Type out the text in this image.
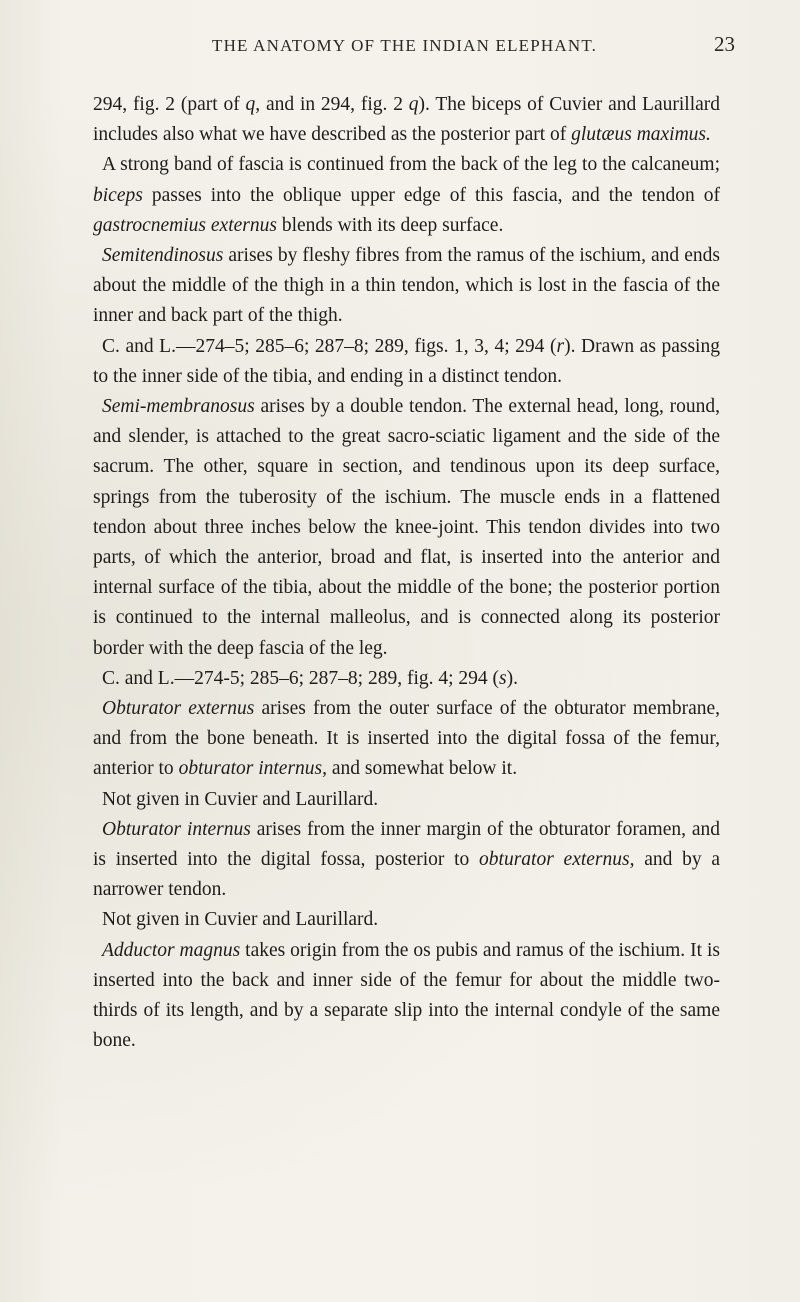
THE ANATOMY OF THE INDIAN ELEPHANT.	23

294, fig. 2 (part of q, and in 294, fig. 2 q). The biceps of Cuvier and Laurillard includes also what we have described as the posterior part of glutæus maximus.

A strong band of fascia is continued from the back of the leg to the calcaneum; biceps passes into the oblique upper edge of this fascia, and the tendon of gastrocnemius externus blends with its deep surface.

Semitendinosus arises by fleshy fibres from the ramus of the ischium, and ends about the middle of the thigh in a thin tendon, which is lost in the fascia of the inner and back part of the thigh.

C. and L.—274–5; 285–6; 287–8; 289, figs. 1, 3, 4; 294 (r). Drawn as passing to the inner side of the tibia, and ending in a distinct tendon.

Semi-membranosus arises by a double tendon. The external head, long, round, and slender, is attached to the great sacro-sciatic ligament and the side of the sacrum. The other, square in section, and tendinous upon its deep surface, springs from the tuberosity of the ischium. The muscle ends in a flattened tendon about three inches below the knee-joint. This tendon divides into two parts, of which the anterior, broad and flat, is inserted into the anterior and internal surface of the tibia, about the middle of the bone; the posterior portion is continued to the internal malleolus, and is connected along its posterior border with the deep fascia of the leg.

C. and L.—274-5; 285–6; 287–8; 289, fig. 4; 294 (s).

Obturator externus arises from the outer surface of the obturator membrane, and from the bone beneath. It is inserted into the digital fossa of the femur, anterior to obturator internus, and somewhat below it.

Not given in Cuvier and Laurillard.

Obturator internus arises from the inner margin of the obturator foramen, and is inserted into the digital fossa, posterior to obturator externus, and by a narrower tendon.

Not given in Cuvier and Laurillard.

Adductor magnus takes origin from the os pubis and ramus of the ischium. It is inserted into the back and inner side of the femur for about the middle two-thirds of its length, and by a separate slip into the internal condyle of the same bone.
